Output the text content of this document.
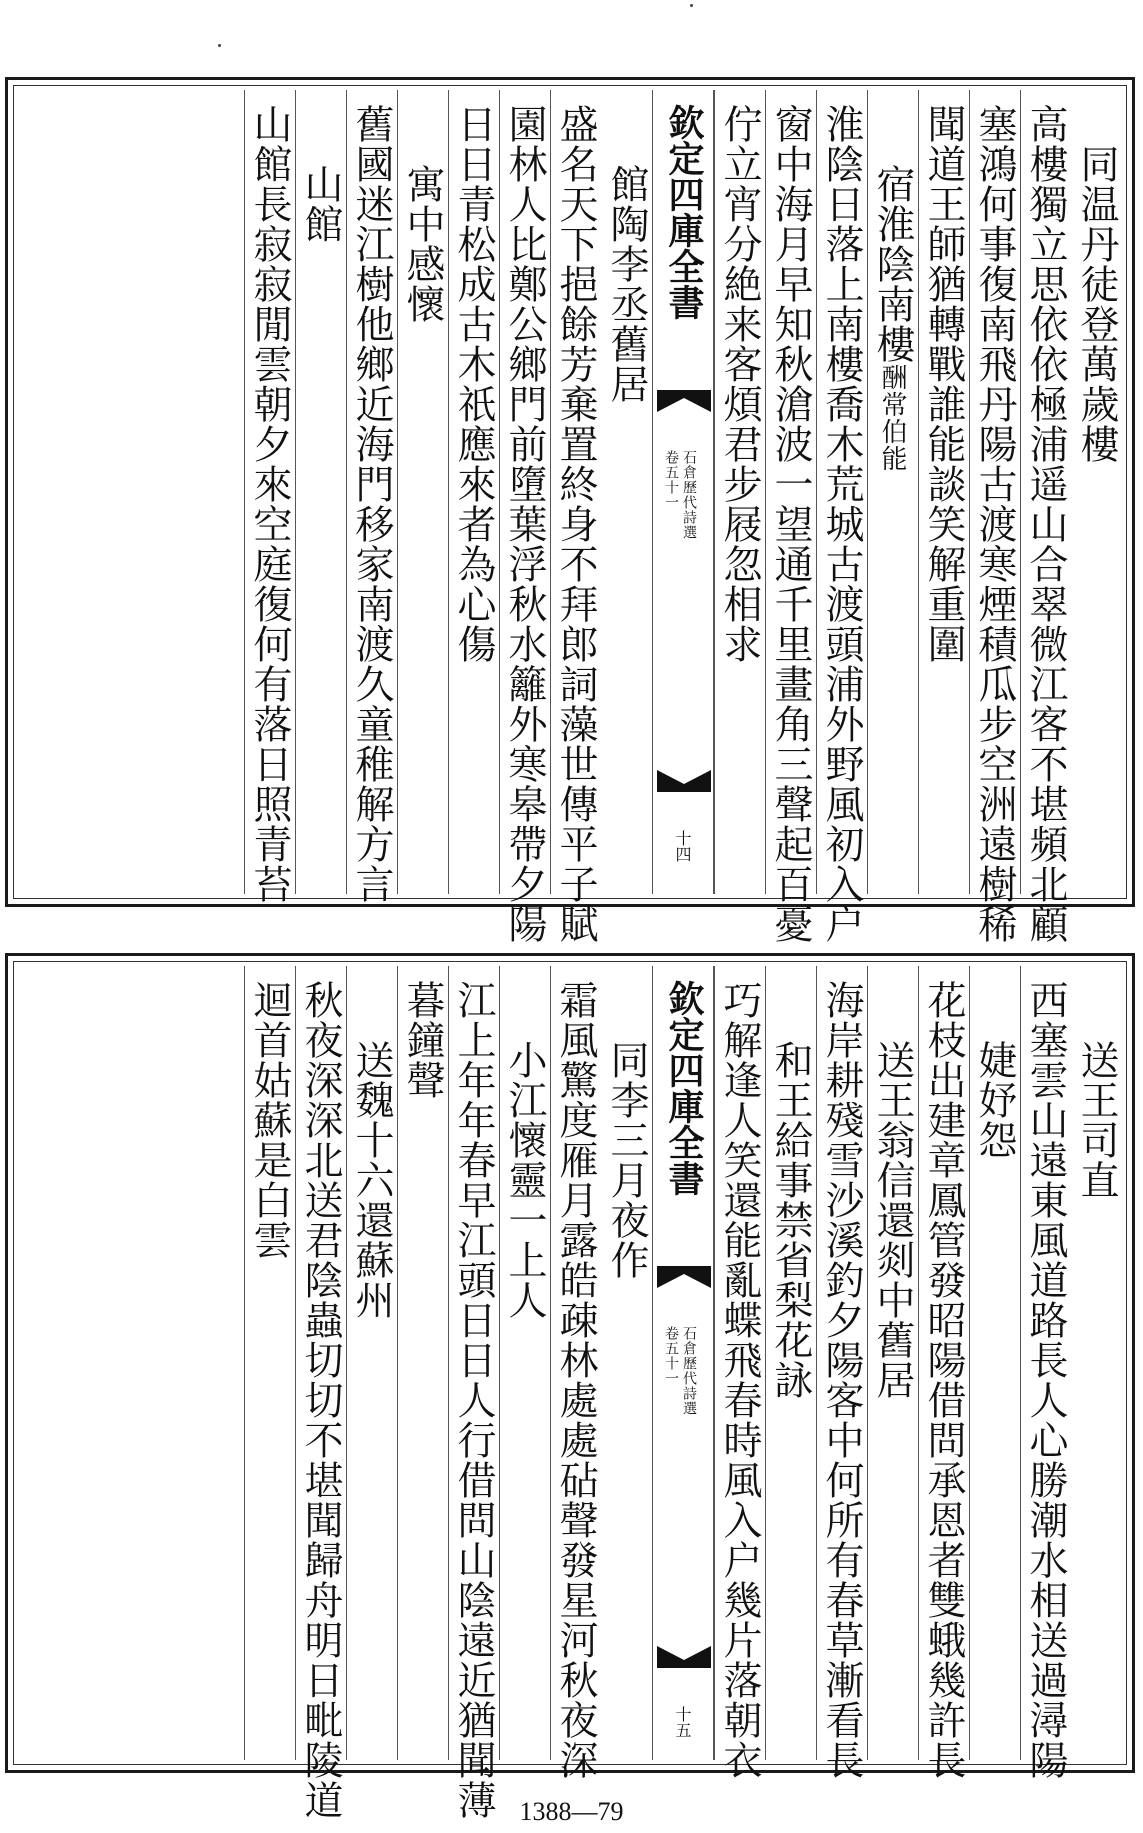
同温丹徒登萬歲樓
高樓獨立思依依極浦遥山合翠微江客不堪頻北顧
塞鴻何事復南飛丹陽古渡寒煙積瓜步空洲遠樹稀
聞道王師猶轉戰誰能談笑解重圍
宿淮陰南樓酬常伯能
淮陰日落上南樓喬木荒城古渡頭浦外野風初入户
窗中海月早知秋滄波一望通千里畫角三聲起百憂
佇立宵分絶来客煩君步屐忽相求
欽定四庫全書
石倉歷代詩選
卷五十一
十四
館陶李丞舊居
盛名天下挹餘芳棄置終身不拜郎詞藻世傳平子賦
園林人比鄭公鄉門前墮葉浮秋水籬外寒皋帶夕陽
日日青松成古木祇應來者為心傷
寓中感懷
舊國迷江樹他鄉近海門移家南渡久童稚解方言
山館
山館長寂寂閒雲朝夕來空庭復何有落日照青苔
送王司直
西塞雲山遠東風道路長人心勝潮水相送過潯陽
婕妤怨
花枝出建章鳳管發昭陽借問承恩者雙蛾幾許長
送王翁信還剡中舊居
海岸耕殘雪沙溪釣夕陽客中何所有春草漸看長
和王給事禁省梨花詠
巧解逢人笑還能亂蝶飛春時風入户幾片落朝衣
欽定四庫全書
石倉歷代詩選
卷五十一
十五
同李三月夜作
霜風驚度雁月露皓疎林處處砧聲發星河秋夜深
小江懷靈一上人
江上年年春早江頭日日人行借問山陰遠近猶聞薄
暮鐘聲
送魏十六還蘇州
秋夜深深北送君陰蟲切切不堪聞歸舟明日毗陵道
迴首姑蘇是白雲
1388—79
